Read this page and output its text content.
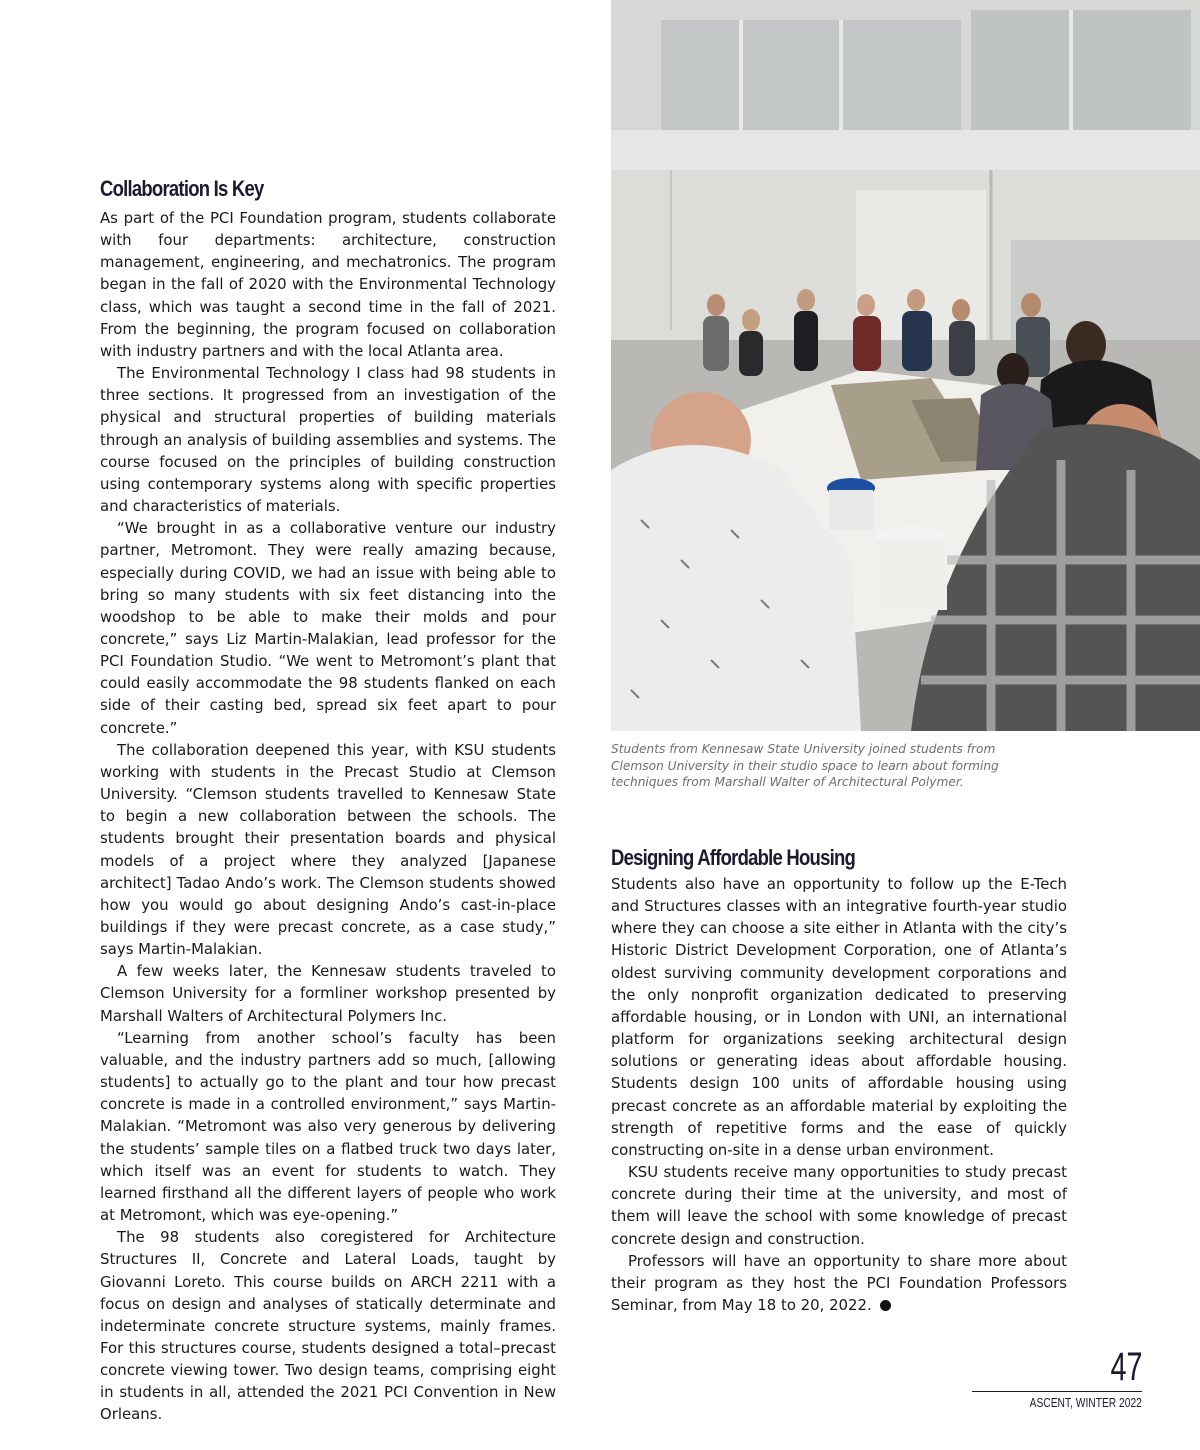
Students from Kennesaw State University joined students from Clemson University in their studio space to learn about forming techniques from Marshall Walter of Architectural Polymer.
Collaboration Is Key

As part of the PCI Foundation program, students collaborate with four departments: architecture, construction management, engineering, and mechatronics. The program began in the fall of 2020 with the Environmental Technology class, which was taught a second time in the fall of 2021. From the beginning, the program focused on collaboration with industry partners and with the local Atlanta area.

The Environmental Technology I class had 98 students in three sections. It progressed from an investigation of the physical and structural properties of building materials through an analysis of building assemblies and systems. The course focused on the principles of building construction using contemporary systems along with specific properties and characteristics of materials.

“We brought in as a collaborative venture our industry partner, Metromont. They were really amazing because, especially during COVID, we had an issue with being able to bring so many students with six feet distancing into the woodshop to be able to make their molds and pour concrete,” says Liz Martin-Malakian, lead professor for the PCI Foundation Studio. “We went to Metromont’s plant that could easily accommodate the 98 students flanked on each side of their casting bed, spread six feet apart to pour concrete.”

The collaboration deepened this year, with KSU students working with students in the Precast Studio at Clemson University. “Clemson students travelled to Kennesaw State to begin a new collaboration between the schools. The students brought their presentation boards and physical models of a project where they analyzed [Japanese architect] Tadao Ando’s work. The Clemson students showed how you would go about designing Ando’s cast-in-place buildings if they were precast concrete, as a case study,” says Martin-Malakian.

A few weeks later, the Kennesaw students traveled to Clemson University for a formliner workshop presented by Marshall Walters of Architectural Polymers Inc.

“Learning from another school’s faculty has been valuable, and the industry partners add so much, [allowing students] to actually go to the plant and tour how precast concrete is made in a controlled environment,” says Martin-Malakian. “Metromont was also very generous by delivering the students’ sample tiles on a flatbed truck two days later, which itself was an event for students to watch. They learned firsthand all the different layers of people who work at Metromont, which was eye-opening.”

The 98 students also coregistered for Architecture Structures II, Concrete and Lateral Loads, taught by Giovanni Loreto. This course builds on ARCH 2211 with a focus on design and analyses of statically determinate and indeterminate concrete structure systems, mainly frames. For this structures course, students designed a total–precast concrete viewing tower. Two design teams, comprising eight in students in all, attended the 2021 PCI Convention in New Orleans.

Designing Affordable Housing

Students also have an opportunity to follow up the E-Tech and Structures classes with an integrative fourth-year studio where they can choose a site either in Atlanta with the city’s Historic District Development Corporation, one of Atlanta’s oldest surviving community development corporations and the only nonprofit organization dedicated to preserving affordable housing, or in London with UNI, an international platform for organizations seeking architectural design solutions or generating ideas about affordable housing. Students design 100 units of affordable housing using precast concrete as an affordable material by exploiting the strength of repetitive forms and the ease of quickly constructing on-site in a dense urban environment.

KSU students receive many opportunities to study precast concrete during their time at the university, and most of them will leave the school with some knowledge of precast concrete design and construction.

Professors will have an opportunity to share more about their program as they host the PCI Foundation Professors Seminar, from May 18 to 20, 2022.

47
ASCENT, WINTER 2022
